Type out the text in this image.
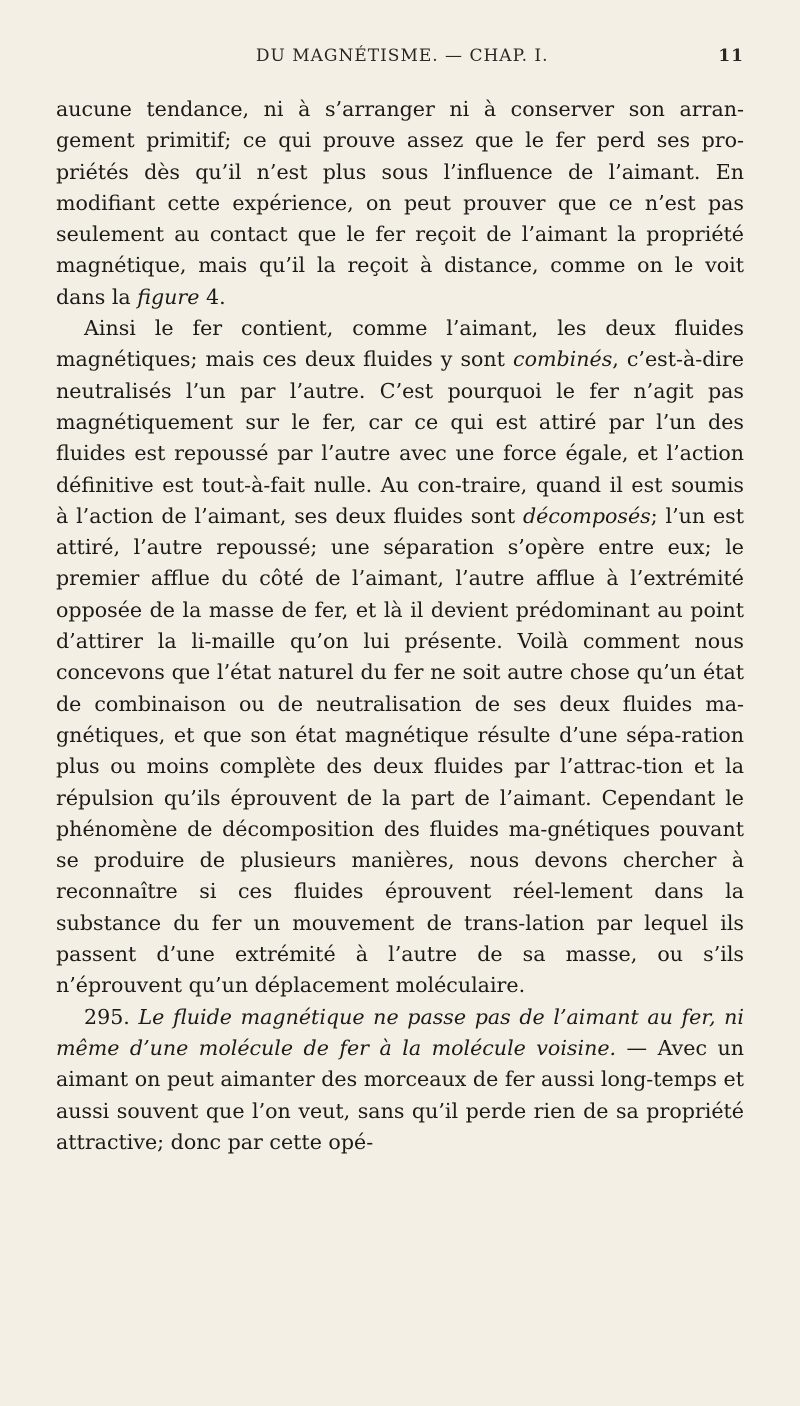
DU MAGNÉTISME. — CHAP. I.	11

aucune tendance, ni à s’arranger ni à conserver son arran-gement primitif; ce qui prouve assez que le fer perd ses pro-priétés dès qu’il n’est plus sous l’influence de l’aimant. En modifiant cette expérience, on peut prouver que ce n’est pas seulement au contact que le fer reçoit de l’aimant la propriété magnétique, mais qu’il la reçoit à distance, comme on le voit dans la figure 4.

Ainsi le fer contient, comme l’aimant, les deux fluides magnétiques; mais ces deux fluides y sont combinés, c’est-à-dire neutralisés l’un par l’autre. C’est pourquoi le fer n’agit pas magnétiquement sur le fer, car ce qui est attiré par l’un des fluides est repoussé par l’autre avec une force égale, et l’action définitive est tout-à-fait nulle. Au con-traire, quand il est soumis à l’action de l’aimant, ses deux fluides sont décomposés; l’un est attiré, l’autre repoussé; une séparation s’opère entre eux; le premier afflue du côté de l’aimant, l’autre afflue à l’extrémité opposée de la masse de fer, et là il devient prédominant au point d’attirer la li-maille qu’on lui présente. Voilà comment nous concevons que l’état naturel du fer ne soit autre chose qu’un état de combinaison ou de neutralisation de ses deux fluides ma-gnétiques, et que son état magnétique résulte d’une sépa-ration plus ou moins complète des deux fluides par l’attrac-tion et la répulsion qu’ils éprouvent de la part de l’aimant. Cependant le phénomène de décomposition des fluides ma-gnétiques pouvant se produire de plusieurs manières, nous devons chercher à reconnaître si ces fluides éprouvent réel-lement dans la substance du fer un mouvement de trans-lation par lequel ils passent d’une extrémité à l’autre de sa masse, ou s’ils n’éprouvent qu’un déplacement moléculaire.

295. Le fluide magnétique ne passe pas de l’aimant au fer, ni même d’une molécule de fer à la molécule voisine. — Avec un aimant on peut aimanter des morceaux de fer aussi long-temps et aussi souvent que l’on veut, sans qu’il perde rien de sa propriété attractive; donc par cette opé-
